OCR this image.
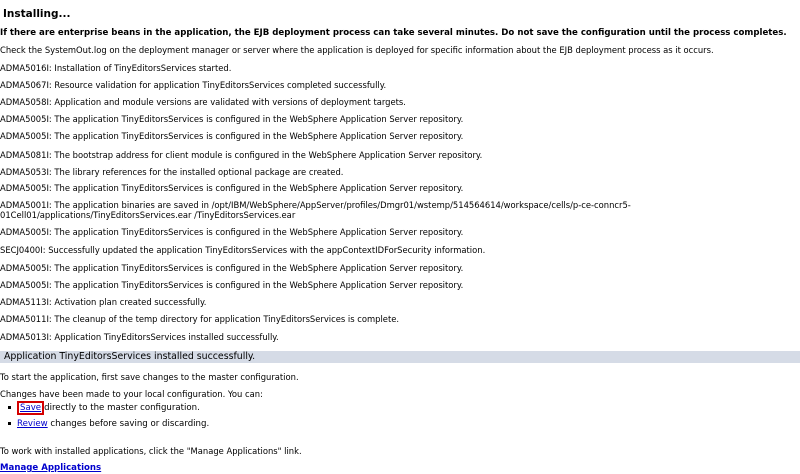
Installing...
If there are enterprise beans in the application, the EJB deployment process can take several minutes. Do not save the configuration until the process completes.
Check the SystemOut.log on the deployment manager or server where the application is deployed for specific information about the EJB deployment process as it occurs.
ADMA5016I: Installation of TinyEditorsServices started.
ADMA5067I: Resource validation for application TinyEditorsServices completed successfully.
ADMA5058I: Application and module versions are validated with versions of deployment targets.
ADMA5005I: The application TinyEditorsServices is configured in the WebSphere Application Server repository.
ADMA5005I: The application TinyEditorsServices is configured in the WebSphere Application Server repository.
ADMA5081I: The bootstrap address for client module is configured in the WebSphere Application Server repository.
ADMA5053I: The library references for the installed optional package are created.
ADMA5005I: The application TinyEditorsServices is configured in the WebSphere Application Server repository.
ADMA5001I: The application binaries are saved in /opt/IBM/WebSphere/AppServer/profiles/Dmgr01/wstemp/514564614/workspace/cells/p-ce-conncr5-01Cell01/applications/TinyEditorsServices.ear /TinyEditorsServices.ear
ADMA5005I: The application TinyEditorsServices is configured in the WebSphere Application Server repository.
SECJ0400I: Successfully updated the application TinyEditorsServices with the appContextIDForSecurity information.
ADMA5005I: The application TinyEditorsServices is configured in the WebSphere Application Server repository.
ADMA5005I: The application TinyEditorsServices is configured in the WebSphere Application Server repository.
ADMA5113I: Activation plan created successfully.
ADMA5011I: The cleanup of the temp directory for application TinyEditorsServices is complete.
ADMA5013I: Application TinyEditorsServices installed successfully.
Application TinyEditorsServices installed successfully.
To start the application, first save changes to the master configuration.
Changes have been made to your local configuration. You can:
Save directly to the master configuration.
Review changes before saving or discarding.
To work with installed applications, click the "Manage Applications" link.
Manage Applications
